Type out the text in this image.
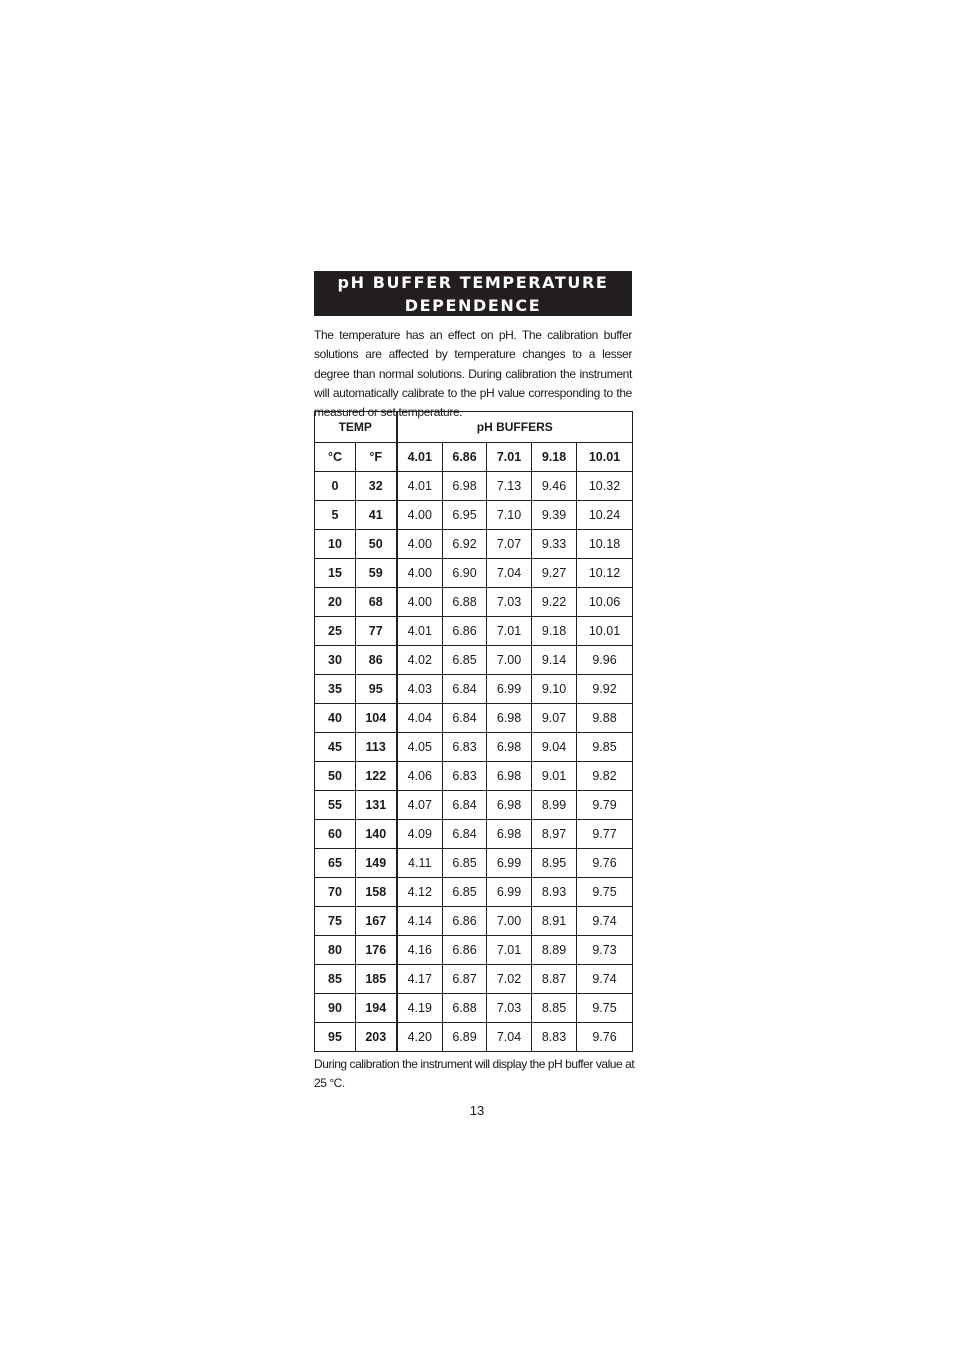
pH BUFFER TEMPERATURE
DEPENDENCE
The temperature has an effect on pH. The calibration buffer solutions are affected by temperature changes to a lesser degree than normal solutions. During calibration the instrument will automatically calibrate to the pH value corresponding to the measured or set temperature.
TEMP		pH BUFFERS				
°C	°F	4.01	6.86	7.01	9.18	10.01
0	32	4.01	6.98	7.13	9.46	10.32
5	41	4.00	6.95	7.10	9.39	10.24
10	50	4.00	6.92	7.07	9.33	10.18
15	59	4.00	6.90	7.04	9.27	10.12
20	68	4.00	6.88	7.03	9.22	10.06
25	77	4.01	6.86	7.01	9.18	10.01
30	86	4.02	6.85	7.00	9.14	9.96
35	95	4.03	6.84	6.99	9.10	9.92
40	104	4.04	6.84	6.98	9.07	9.88
45	113	4.05	6.83	6.98	9.04	9.85
50	122	4.06	6.83	6.98	9.01	9.82
55	131	4.07	6.84	6.98	8.99	9.79
60	140	4.09	6.84	6.98	8.97	9.77
65	149	4.11	6.85	6.99	8.95	9.76
70	158	4.12	6.85	6.99	8.93	9.75
75	167	4.14	6.86	7.00	8.91	9.74
80	176	4.16	6.86	7.01	8.89	9.73
85	185	4.17	6.87	7.02	8.87	9.74
90	194	4.19	6.88	7.03	8.85	9.75
95	203	4.20	6.89	7.04	8.83	9.76
During calibration the instrument will display the pH buffer value at 25 °C.
13
